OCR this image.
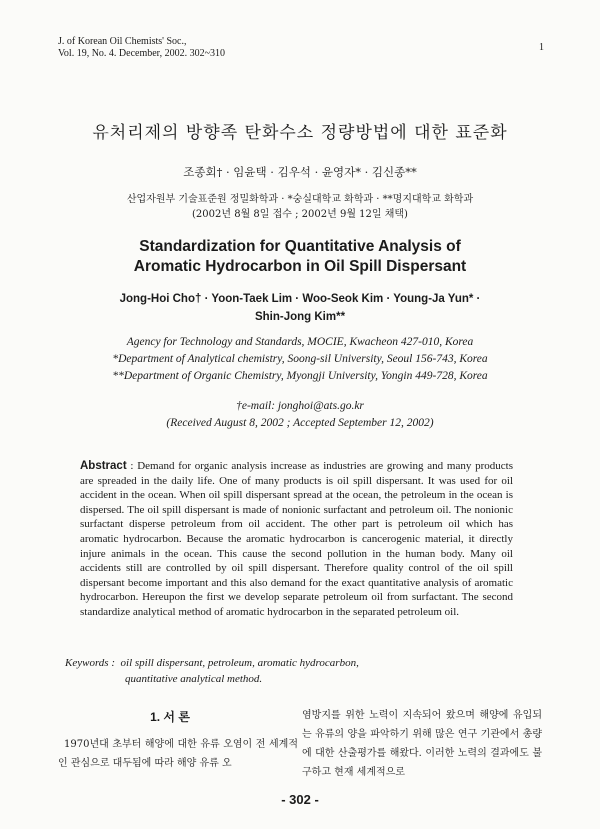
J. of Korean Oil Chemists' Soc.,
Vol. 19, No. 4. December, 2002. 302~310
1
유처리제의 방향족 탄화수소 정량방법에 대한 표준화
조종회† · 임윤택 · 김우석 · 윤영자* · 김신종**
산업자원부 기술표준원 정밀화학과 · *숭실대학교 화학과 · **명지대학교 화학과
(2002년 8월 8일 접수 ; 2002년 9월 12일 채택)
Standardization for Quantitative Analysis of
Aromatic Hydrocarbon in Oil Spill Dispersant
Jong-Hoi Cho† · Yoon-Taek Lim · Woo-Seok Kim · Young-Ja Yun* ·
Shin-Jong Kim**
Agency for Technology and Standards, MOCIE, Kwacheon 427-010, Korea
*Department of Analytical chemistry, Soong-sil University, Seoul 156-743, Korea
**Department of Organic Chemistry, Myongji University, Yongin 449-728, Korea
†e-mail: jonghoi@ats.go.kr
(Received August 8, 2002 ; Accepted September 12, 2002)
Abstract : Demand for organic analysis increase as industries are growing and many products are spreaded in the daily life. One of many products is oil spill dispersant. It was used for oil accident in the ocean. When oil spill dispersant spread at the ocean, the petroleum in the ocean is dispersed. The oil spill dispersant is made of nonionic surfactant and petroleum oil. The nonionic surfactant disperse petroleum from oil accident. The other part is petroleum oil which has aromatic hydrocarbon. Because the aromatic hydrocarbon is cancerogenic material, it directly injure animals in the ocean. This cause the second pollution in the human body. Many oil accidents still are controlled by oil spill dispersant. Therefore quality control of the oil spill dispersant become important and this also demand for the exact quantitative analysis of aromatic hydrocarbon. Hereupon the first we develop separate petroleum oil from surfactant. The second standardize analytical method of aromatic hydrocarbon in the separated petroleum oil.
Keywords : oil spill dispersant, petroleum, aromatic hydrocarbon,
quantitative analytical method.
1. 서 론
1970년대 초부터 해양에 대한 유류 오염이 전 세계적인 관심으로 대두됨에 따라 해양 유류 오
염방지를 위한 노력이 지속되어 왔으며 해양에 유입되는 유류의 양을 파악하기 위해 많은 연구 기관에서 총량에 대한 산출평가를 해왔다. 이러한 노력의 결과에도 불구하고 현재 세계적으로
- 302 -
